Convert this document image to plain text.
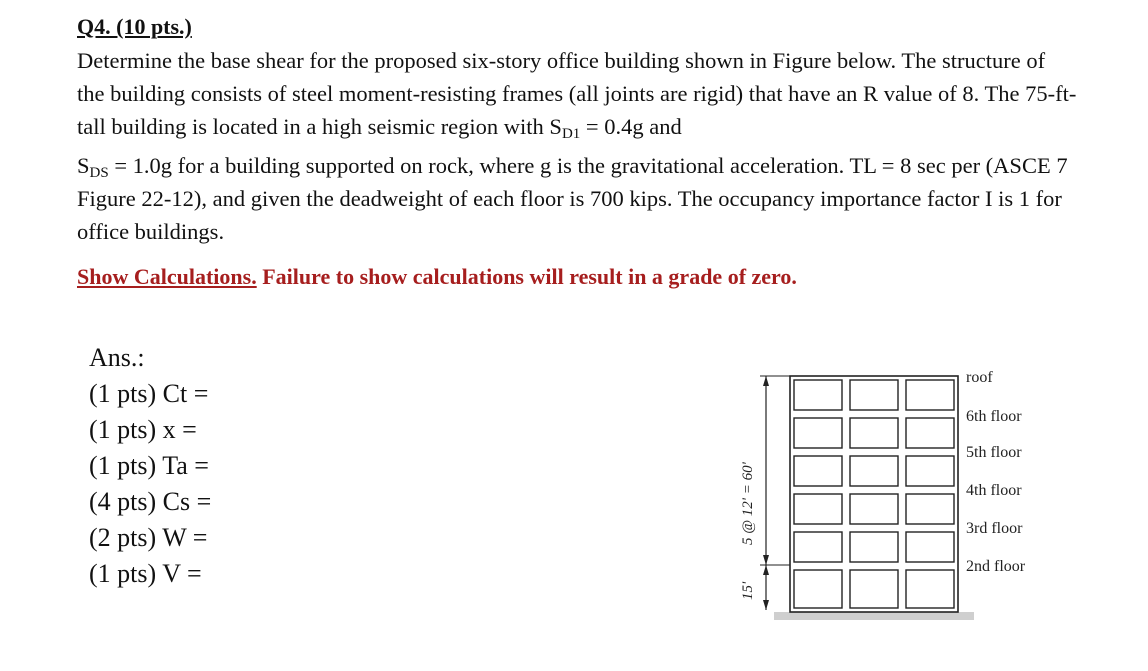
Q4. (10 pts.)

Determine the base shear for the proposed six-story office building shown in Figure below. The structure of the building consists of steel moment-resisting frames (all joints are rigid) that have an R value of 8. The 75-ft-tall building is located in a high seismic region with $S_{D1} = 0.4g$ and
$S_{DS} = 1.0g$ for a building supported on rock, where g is the gravitational acceleration. TL = 8 sec per (ASCE 7 Figure 22-12), and given the deadweight of each floor is 700 kips. The occupancy importance factor I is 1 for office buildings.

Show Calculations. Failure to show calculations will result in a grade of zero.

Ans.:

(1 pts) Ct =
(1 pts) x =
(1 pts) Ta =
(4 pts) Cs =
(2 pts) W =
(1 pts) V =
5 @ 12' = 60'
15'
roof
6th floor
5th floor
4th floor
3rd floor
2nd floor
